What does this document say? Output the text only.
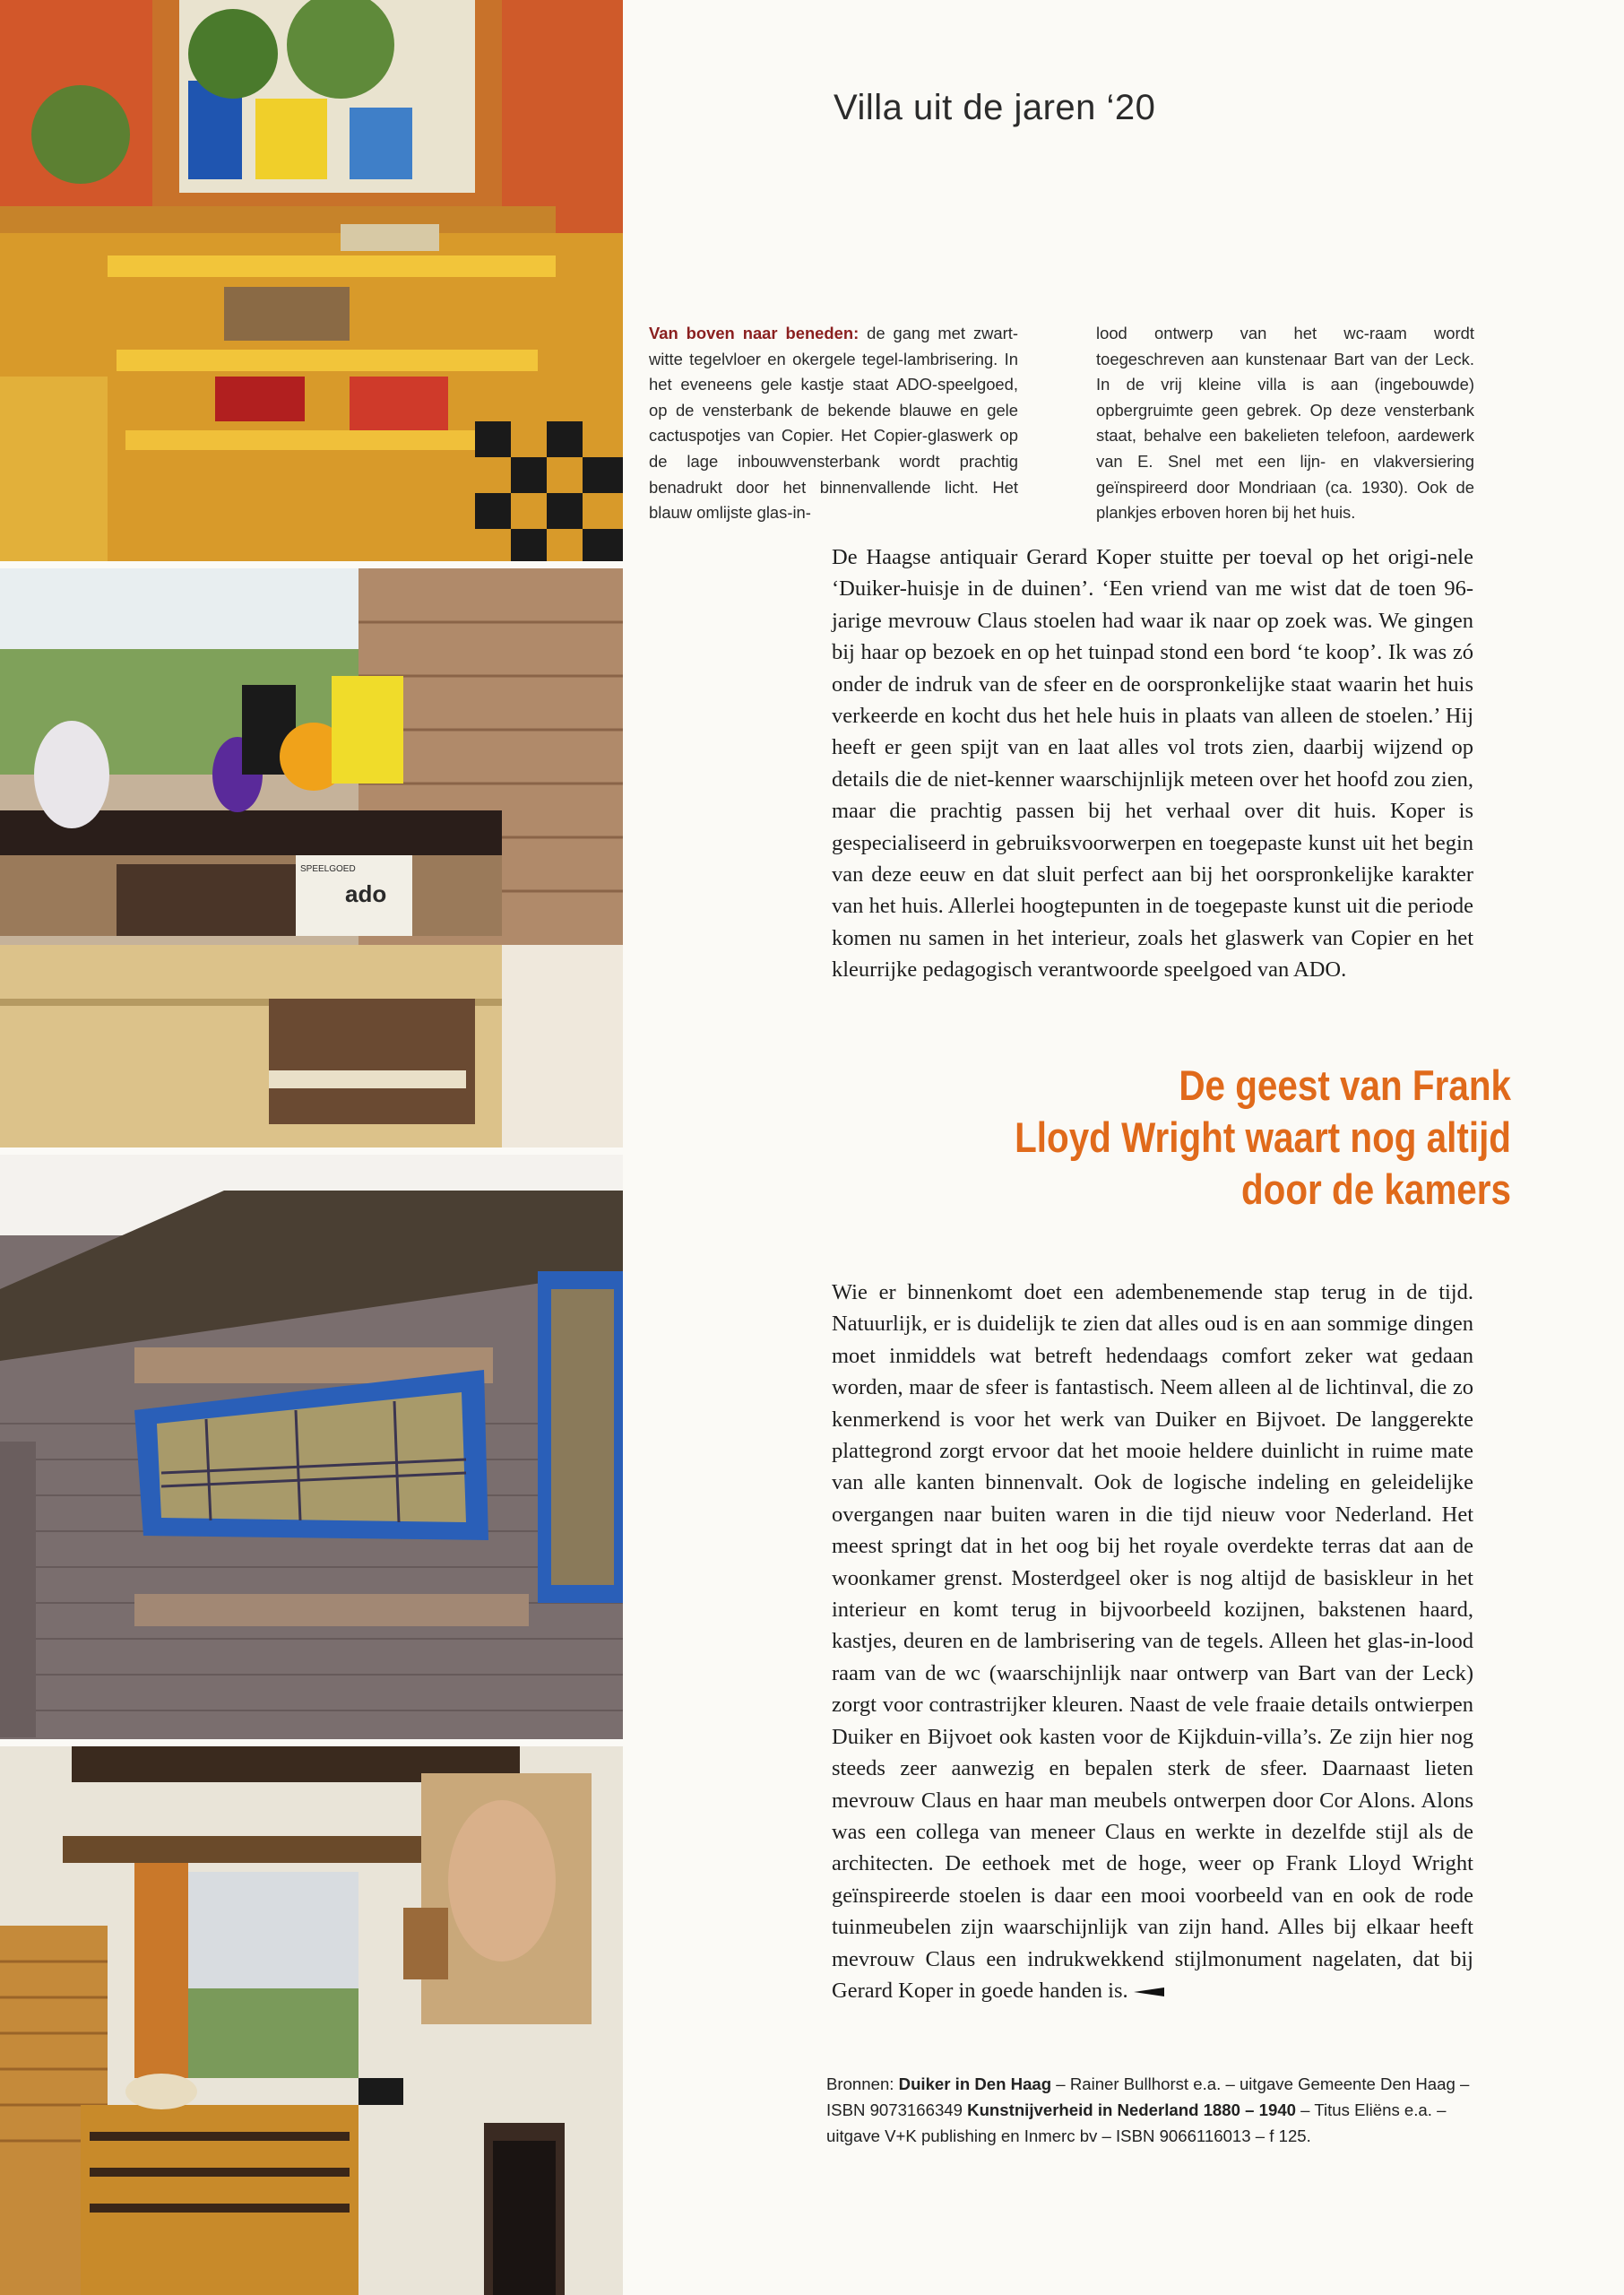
ado
SPEELGOED
Villa uit de jaren ‘20
Van boven naar beneden: de gang met zwart-witte tegelvloer en okergele tegel-lambrisering. In het eveneens gele kastje staat ADO-speelgoed, op de vensterbank de bekende blauwe en gele cactuspotjes van Copier. Het Copier-glaswerk op de lage inbouwvensterbank wordt prachtig benadrukt door het binnenvallende licht. Het blauw omlijste glas-in-
lood ontwerp van het wc-raam wordt toegeschreven aan kunstenaar Bart van der Leck. In de vrij kleine villa is aan (ingebouwde) opbergruimte geen gebrek. Op deze vensterbank staat, behalve een bakelieten telefoon, aardewerk van E. Snel met een lijn- en vlakversiering geïnspireerd door Mondriaan (ca. 1930). Ook de plankjes erboven horen bij het huis.
De Haagse antiquair Gerard Koper stuitte per toeval op het origi-nele ‘Duiker-huisje in de duinen’. ‘Een vriend van me wist dat de toen 96-jarige mevrouw Claus stoelen had waar ik naar op zoek was. We gingen bij haar op bezoek en op het tuinpad stond een bord ‘te koop’. Ik was zó onder de indruk van de sfeer en de oorspronkelijke staat waarin het huis verkeerde en kocht dus het hele huis in plaats van alleen de stoelen.’ Hij heeft er geen spijt van en laat alles vol trots zien, daarbij wijzend op details die de niet-kenner waarschijnlijk meteen over het hoofd zou zien, maar die prachtig passen bij het verhaal over dit huis. Koper is gespecialiseerd in gebruiksvoorwerpen en toegepaste kunst uit het begin van deze eeuw en dat sluit perfect aan bij het oorspronkelijke karakter van het huis. Allerlei hoogtepunten in de toegepaste kunst uit die periode komen nu samen in het interieur, zoals het glaswerk van Copier en het kleurrijke pedagogisch verantwoorde speelgoed van ADO.
De geest van Frank
Lloyd Wright waart nog altijd
door de kamers
Wie er binnenkomt doet een adembenemende stap terug in de tijd. Natuurlijk, er is duidelijk te zien dat alles oud is en aan sommige dingen moet inmiddels wat betreft hedendaags comfort zeker wat gedaan worden, maar de sfeer is fantastisch. Neem alleen al de lichtinval, die zo kenmerkend is voor het werk van Duiker en Bijvoet. De langgerekte plattegrond zorgt ervoor dat het mooie heldere duinlicht in ruime mate van alle kanten binnenvalt. Ook de logische indeling en geleidelijke overgangen naar buiten waren in die tijd nieuw voor Nederland. Het meest springt dat in het oog bij het royale overdekte terras dat aan de woonkamer grenst. Mosterdgeel oker is nog altijd de basiskleur in het interieur en komt terug in bijvoorbeeld kozijnen, bakstenen haard, kastjes, deuren en de lambrisering van de tegels. Alleen het glas-in-lood raam van de wc (waarschijnlijk naar ontwerp van Bart van der Leck) zorgt voor contrastrijker kleuren. Naast de vele fraaie details ontwierpen Duiker en Bijvoet ook kasten voor de Kijkduin-villa’s. Ze zijn hier nog steeds zeer aanwezig en bepalen sterk de sfeer. Daarnaast lieten mevrouw Claus en haar man meubels ontwerpen door Cor Alons. Alons was een collega van meneer Claus en werkte in dezelfde stijl als de architecten. De eethoek met de hoge, weer op Frank Lloyd Wright geïnspireerde stoelen is daar een mooi voorbeeld van en ook de rode tuinmeubelen zijn waarschijnlijk van zijn hand. Alles bij elkaar heeft mevrouw Claus een indrukwekkend stijlmonument nagelaten, dat bij Gerard Koper in goede handen is.
Bronnen: Duiker in Den Haag – Rainer Bullhorst e.a. – uitgave Gemeente Den Haag – ISBN 9073166349 Kunstnijverheid in Nederland 1880 – 1940 – Titus Eliëns e.a. – uitgave V+K publishing en Inmerc bv – ISBN 9066116013 – f 125.
